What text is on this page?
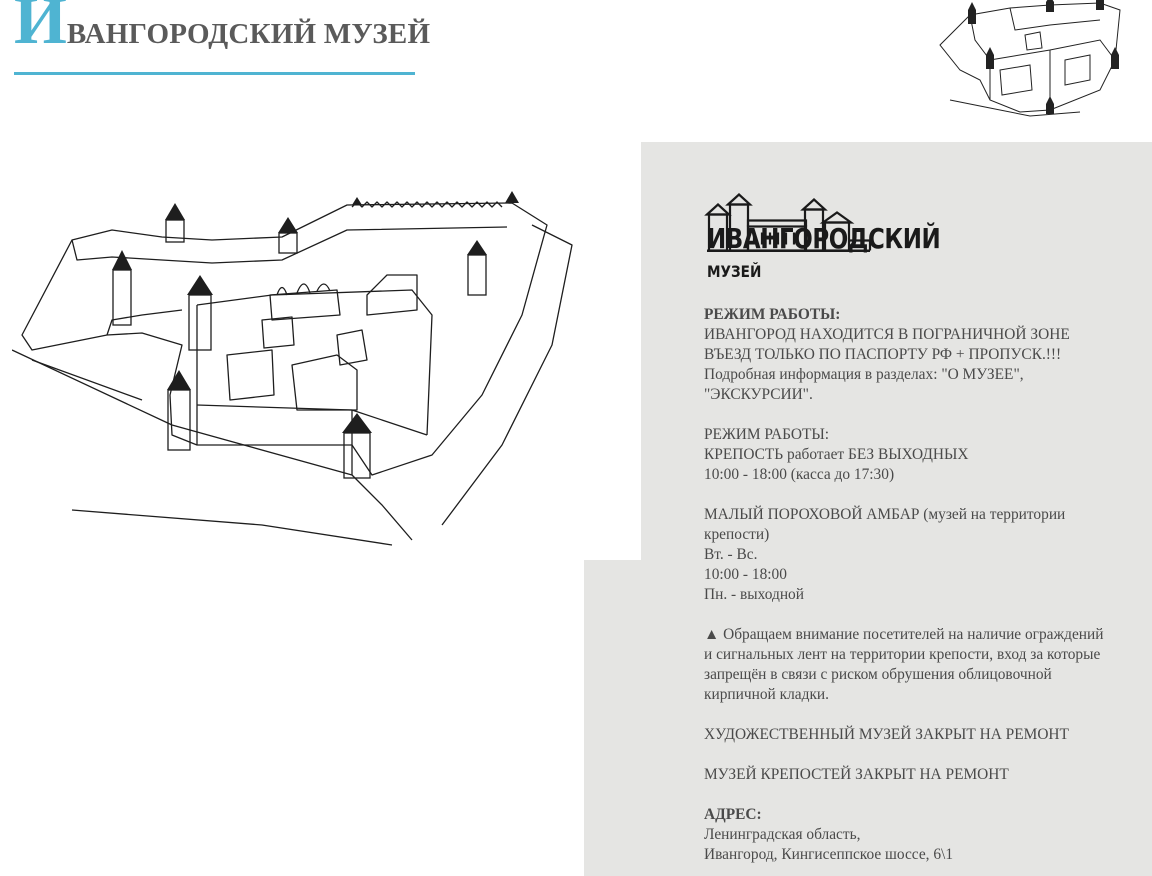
ИВАНГОРОДСКИЙ МУЗЕЙ
ИВАНГОРОДСКИЙ
МУЗЕЙ

РЕЖИМ РАБОТЫ:

ИВАНГОРОД НАХОДИТСЯ В ПОГРАНИЧНОЙ ЗОНЕ

ВЪЕЗД ТОЛЬКО ПО ПАСПОРТУ РФ + ПРОПУСК.!!!

Подробная информация в разделах: "О МУЗЕЕ",

"ЭКСКУРСИИ".

РЕЖИМ РАБОТЫ:

КРЕПОСТЬ работает БЕЗ ВЫХОДНЫХ

10:00 - 18:00 (касса до 17:30)

МАЛЫЙ ПОРОХОВОЙ АМБАР (музей на территории

крепости)

Вт. - Вс.

10:00 - 18:00

Пн. - выходной

▲ Обращаем внимание посетителей на наличие ограждений

и сигнальных лент на территории крепости, вход за которые

запрещён в связи с риском обрушения облицовочной

кирпичной кладки.

ХУДОЖЕСТВЕННЫЙ МУЗЕЙ ЗАКРЫТ НА РЕМОНТ

МУЗЕЙ КРЕПОСТЕЙ ЗАКРЫТ НА РЕМОНТ

АДРЕС:

Ленинградская область,

Ивангород, Кингисеппское шоссе, 6\1
